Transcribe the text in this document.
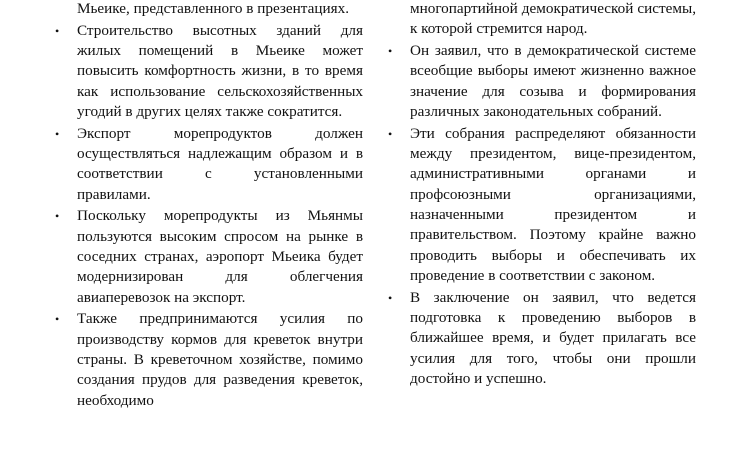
Мьеике, представленного в презентациях.
•	Строительство высотных зданий для жилых помещений в Мьеике может повысить комфортность жизни, в то время как использование сельскохозяйственных угодий в других целях также сократится.
•	Экспорт морепродуктов должен осуществляться надлежащим образом и в соответствии с установленными правилами.
•	Поскольку морепродукты из Мьянмы пользуются высоким спросом на рынке в соседних странах, аэропорт Мьеика будет модернизирован для облегчения авиаперевозок на экспорт.
•	Также предпринимаются усилия по производству кормов для креветок внутри страны. В креветочном хозяйстве, помимо создания прудов для разведения креветок, необходимо
многопартийной демократической системы, к которой стремится народ.
•	Он заявил, что в демократической системе всеобщие выборы имеют жизненно важное значение для созыва и формирования различных законодательных собраний.
•	Эти собрания распределяют обязанности между президентом, вице-президентом, административными органами и профсоюзными организациями, назначенными президентом и правительством. Поэтому крайне важно проводить выборы и обеспечивать их проведение в соответствии с законом.
•	В заключение он заявил, что ведется подготовка к проведению выборов в ближайшее время, и будет прилагать все усилия для того, чтобы они прошли достойно и успешно.
